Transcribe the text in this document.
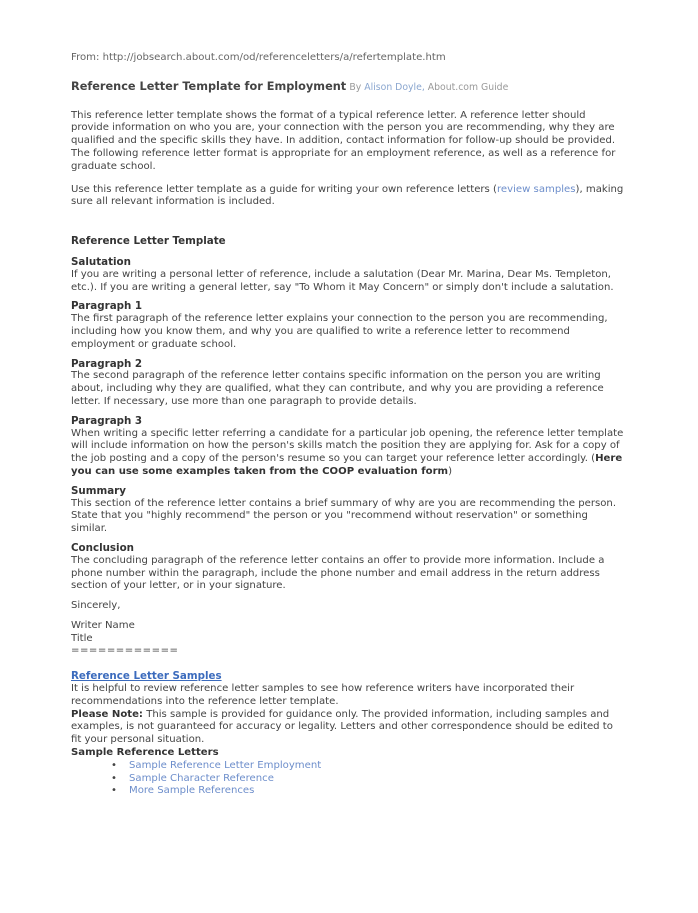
From: http://jobsearch.about.com/od/referenceletters/a/refertemplate.htm

Reference Letter Template for Employment By Alison Doyle, About.com Guide

This reference letter template shows the format of a typical reference letter. A reference letter should provide information on who you are, your connection with the person you are recommending, why they are qualified and the specific skills they have. In addition, contact information for follow-up should be provided. The following reference letter format is appropriate for an employment reference, as well as a reference for graduate school.

Use this reference letter template as a guide for writing your own reference letters (review samples), making sure all relevant information is included.

Reference Letter Template

Salutation

If you are writing a personal letter of reference, include a salutation (Dear Mr. Marina, Dear Ms. Templeton, etc.). If you are writing a general letter, say "To Whom it May Concern" or simply don't include a salutation.

Paragraph 1

The first paragraph of the reference letter explains your connection to the person you are recommending, including how you know them, and why you are qualified to write a reference letter to recommend employment or graduate school.

Paragraph 2

The second paragraph of the reference letter contains specific information on the person you are writing about, including why they are qualified, what they can contribute, and why you are providing a reference letter. If necessary, use more than one paragraph to provide details.

Paragraph 3

When writing a specific letter referring a candidate for a particular job opening, the reference letter template will include information on how the person's skills match the position they are applying for. Ask for a copy of the job posting and a copy of the person's resume so you can target your reference letter accordingly. (Here you can use some examples taken from the COOP evaluation form)

Summary

This section of the reference letter contains a brief summary of why are you are recommending the person. State that you "highly recommend" the person or you "recommend without reservation" or something similar.

Conclusion

The concluding paragraph of the reference letter contains an offer to provide more information. Include a phone number within the paragraph, include the phone number and email address in the return address section of your letter, or in your signature.

Sincerely,

Writer Name

Title

============

Reference Letter Samples

It is helpful to review reference letter samples to see how reference writers have incorporated their recommendations into the reference letter template.

Please Note: This sample is provided for guidance only. The provided information, including samples and examples, is not guaranteed for accuracy or legality. Letters and other correspondence should be edited to fit your personal situation.

Sample Reference Letters

• Sample Reference Letter Employment
• Sample Character Reference
• More Sample References
